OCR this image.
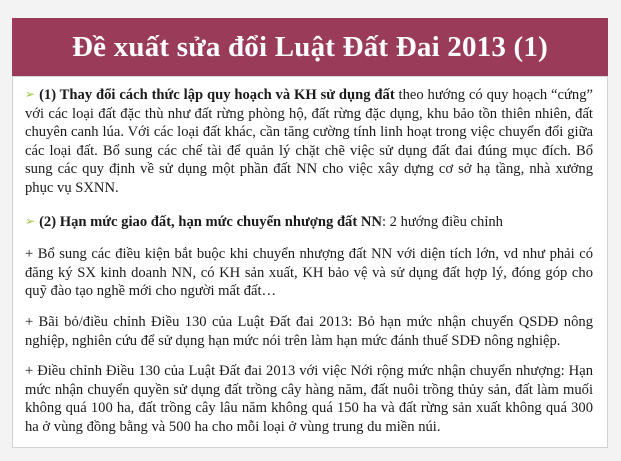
Đề xuất sửa đổi Luật Đất Đai 2013 (1)

➢ (1) Thay đổi cách thức lập quy hoạch và KH sử dụng đất theo hướng có quy hoạch “cứng” với các loại đất đặc thù như đất rừng phòng hộ, đất rừng đặc dụng, khu bảo tồn thiên nhiên, đất chuyên canh lúa. Với các loại đất khác, cần tăng cường tính linh hoạt trong việc chuyển đổi giữa các loại đất. Bổ sung các chế tài để quản lý chặt chẽ việc sử dụng đất đai đúng mục đích. Bổ sung các quy định về sử dụng một phần đất NN cho việc xây dựng cơ sở hạ tầng, nhà xưởng phục vụ SXNN.

➢ (2) Hạn mức giao đất, hạn mức chuyển nhượng đất NN: 2 hướng điều chỉnh

+ Bổ sung các điều kiện bắt buộc khi chuyển nhượng đất NN với diện tích lớn, vd như phải có đăng ký SX kinh doanh NN, có KH sản xuất, KH bảo vệ và sử dụng đất hợp lý, đóng góp cho quỹ đào tạo nghề mới cho người mất đất…

+ Bãi bỏ/điều chỉnh Điều 130 của Luật Đất đai 2013: Bỏ hạn mức nhận chuyển QSDĐ nông nghiệp, nghiên cứu để sử dụng hạn mức nói trên làm hạn mức đánh thuế SDĐ nông nghiệp.

+ Điều chỉnh Điều 130 của Luật Đất đai 2013 với việc Nới rộng mức nhận chuyển nhượng: Hạn mức nhận chuyển quyền sử dụng đất trồng cây hàng năm, đất nuôi trồng thủy sản, đất làm muối không quá 100 ha, đất trồng cây lâu năm không quá 150 ha và đất rừng sản xuất không quá 300 ha ở vùng đồng bằng và 500 ha cho mỗi loại ở vùng trung du miền núi.
